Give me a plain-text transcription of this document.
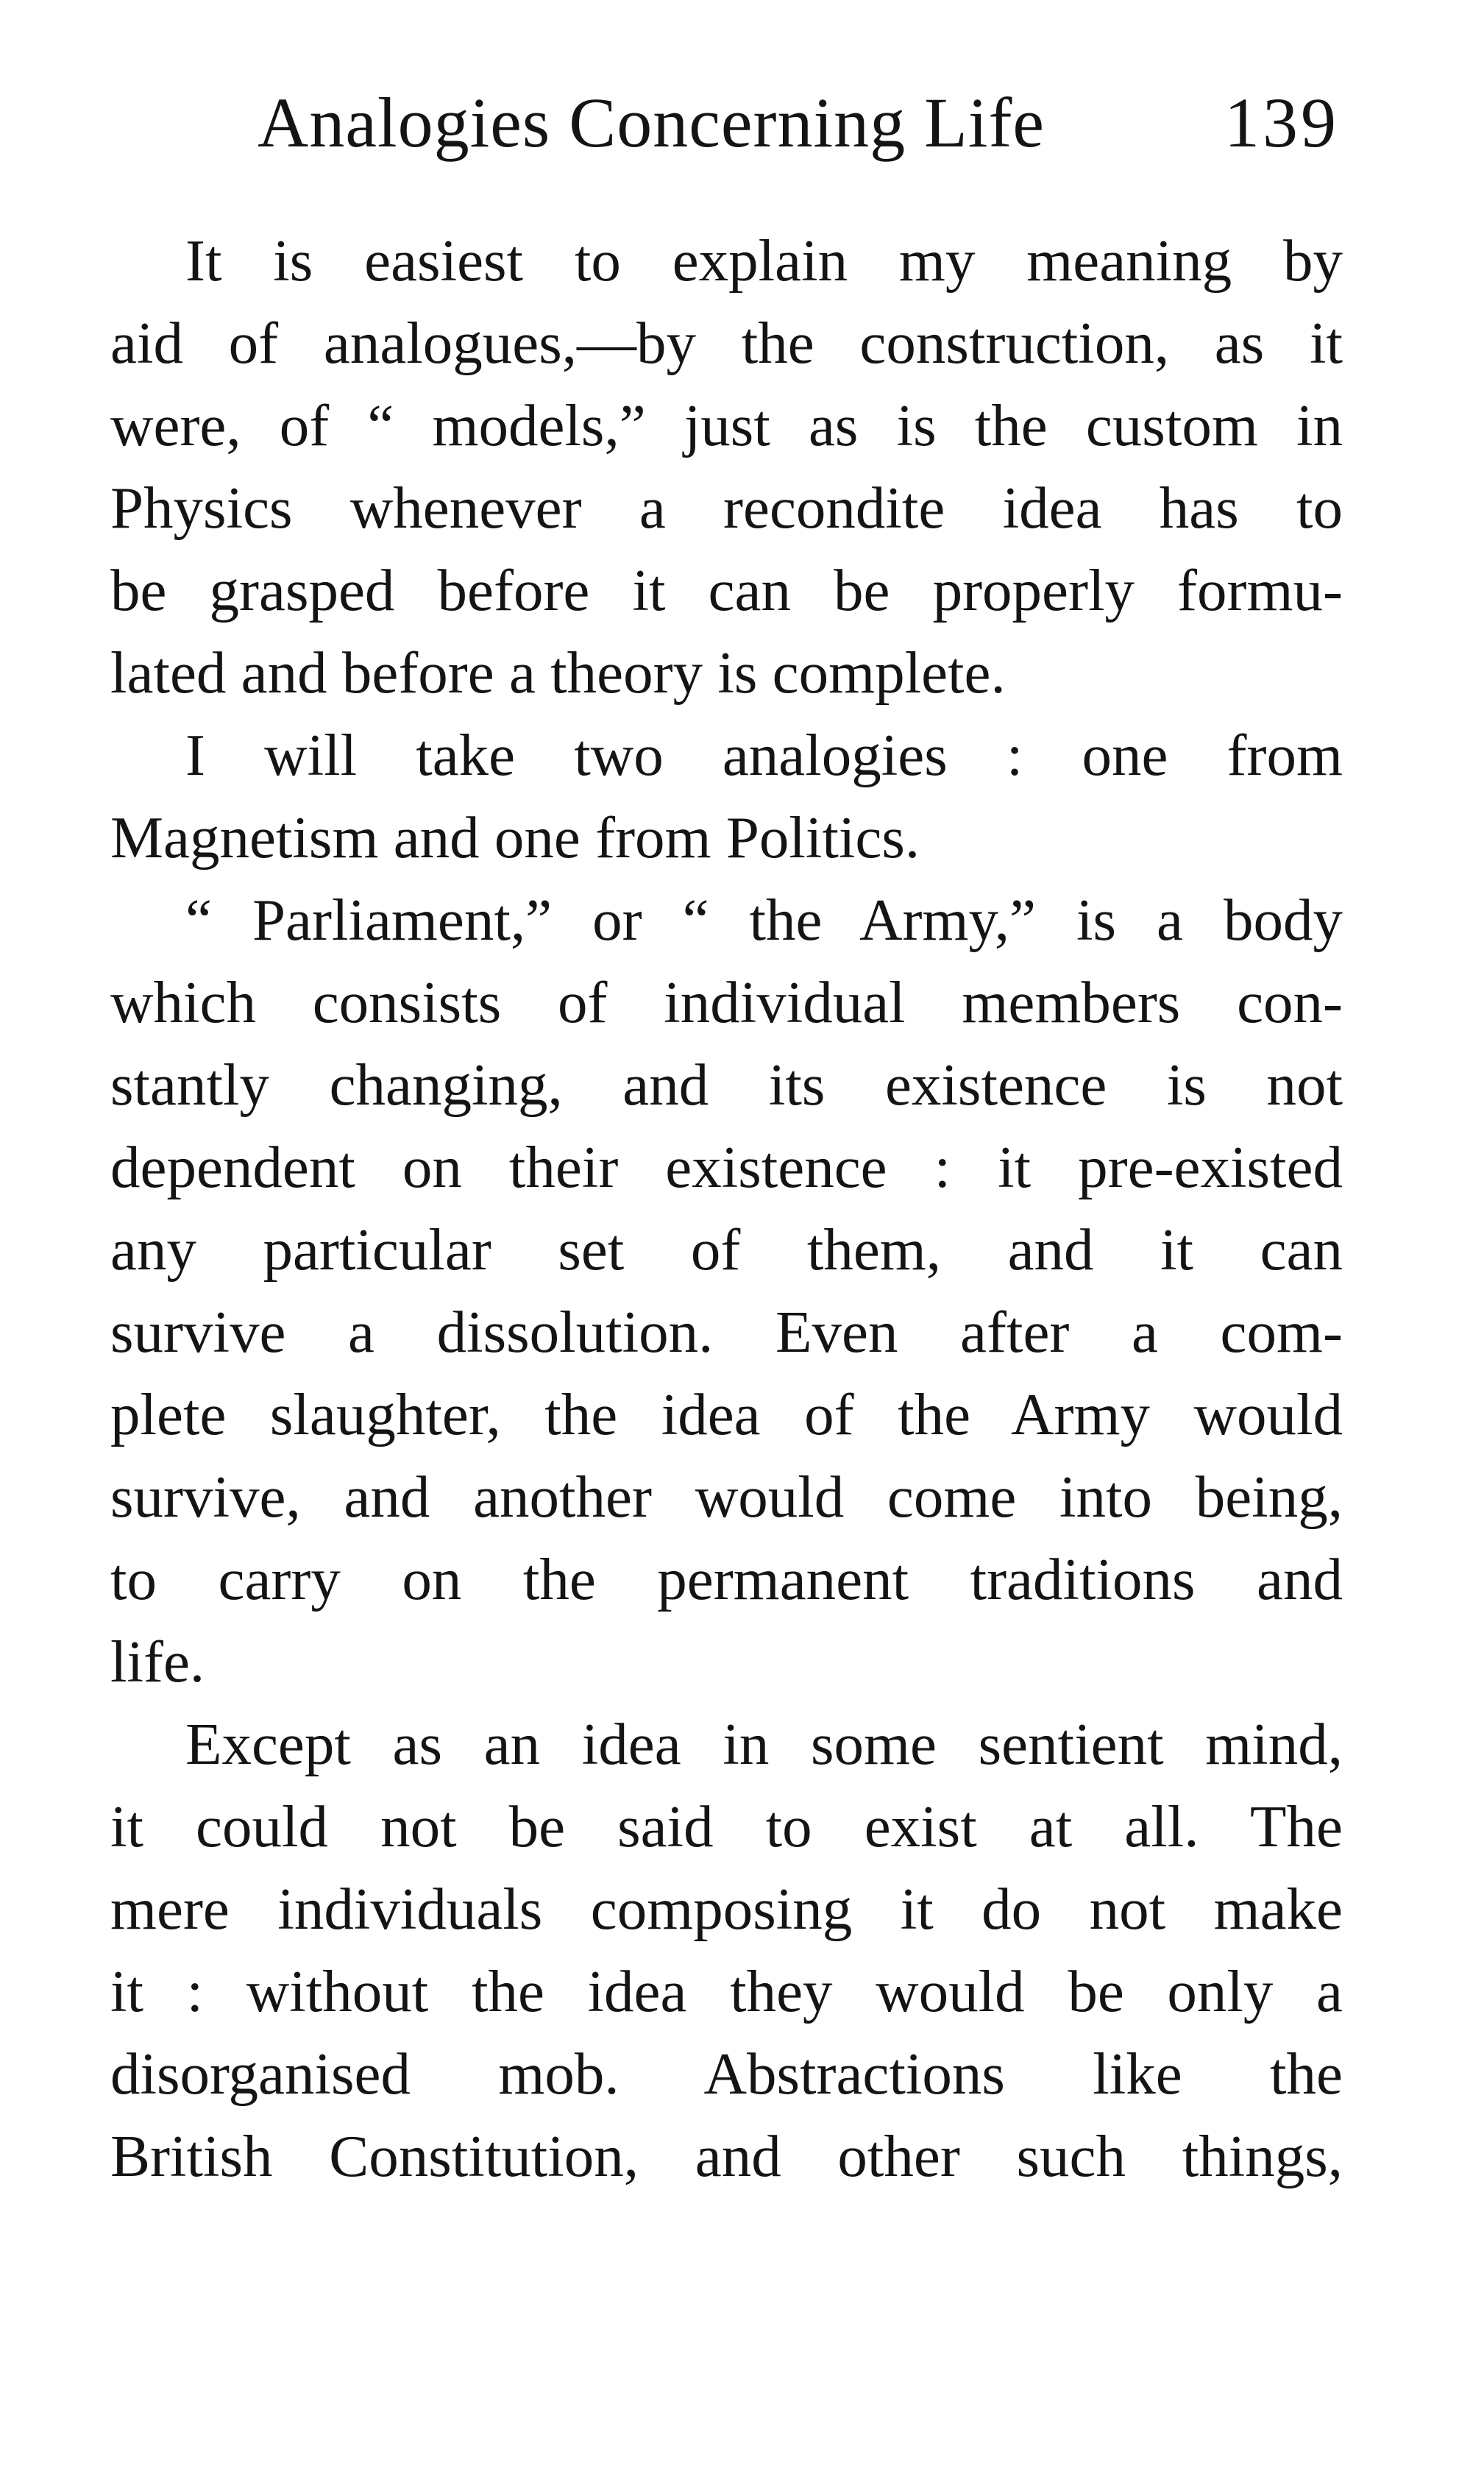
Analogies Concerning Life	139
It is easiest to explain my meaning by
aid of analogues,—by the construction, as it
were, of “ models,” just as is the custom in
Physics whenever a recondite idea has to
be grasped before it can be properly formu-
lated and before a theory is complete.
I will take two analogies : one from
Magnetism and one from Politics.
“ Parliament,” or “ the Army,” is a body
which consists of individual members con-
stantly changing, and its existence is not
dependent on their existence : it pre-existed
any particular set of them, and it can
survive a dissolution. Even after a com-
plete slaughter, the idea of the Army would
survive, and another would come into being,
to carry on the permanent traditions and
life.
Except as an idea in some sentient mind,
it could not be said to exist at all. The
mere individuals composing it do not make
it : without the idea they would be only a
disorganised mob. Abstractions like the
British Constitution, and other such things,
